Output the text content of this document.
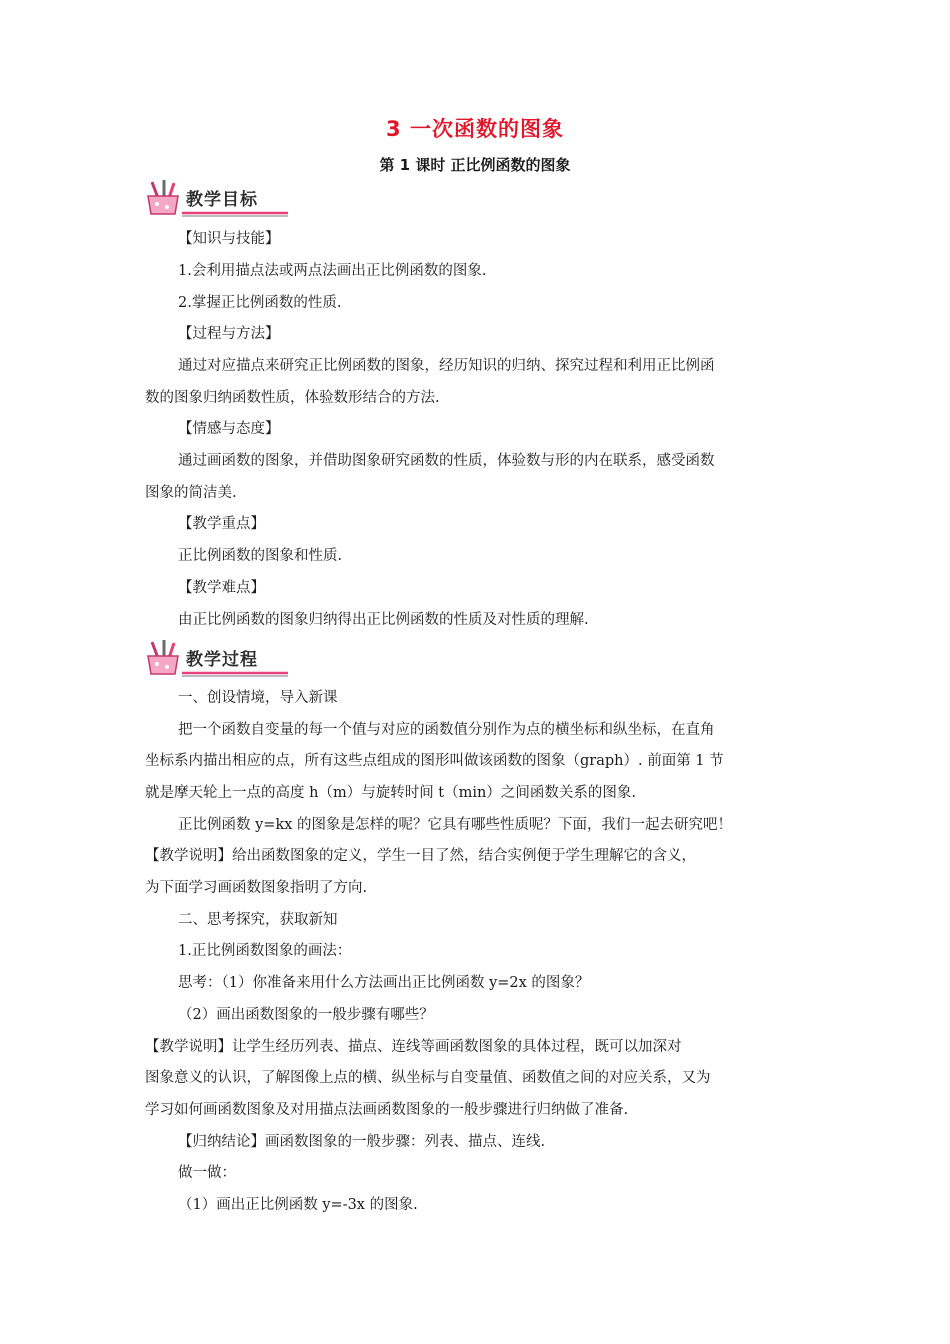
3 一次函数的图象
第 1 课时 正比例函数的图象
教学目标
【知识与技能】
1.会利用描点法或两点法画出正比例函数的图象.
2.掌握正比例函数的性质.
【过程与方法】
通过对应描点来研究正比例函数的图象，经历知识的归纳、探究过程和利用正比例函
数的图象归纳函数性质，体验数形结合的方法.
【情感与态度】
通过画函数的图象，并借助图象研究函数的性质，体验数与形的内在联系，感受函数
图象的简洁美.
【教学重点】
正比例函数的图象和性质.
【教学难点】
由正比例函数的图象归纳得出正比例函数的性质及对性质的理解.
教学过程
一、创设情境，导入新课
把一个函数自变量的每一个值与对应的函数值分别作为点的横坐标和纵坐标，在直角
坐标系内描出相应的点，所有这些点组成的图形叫做该函数的图象（graph）. 前面第 1 节
就是摩天轮上一点的高度 h（m）与旋转时间 t（min）之间函数关系的图象.
正比例函数 y=kx 的图象是怎样的呢？它具有哪些性质呢？下面，我们一起去研究吧！
【教学说明】给出函数图象的定义，学生一目了然，结合实例便于学生理解它的含义，
为下面学习画函数图象指明了方向.
二、思考探究，获取新知
1.正比例函数图象的画法：
思考：（1）你准备来用什么方法画出正比例函数 y=2x 的图象？
（2）画出函数图象的一般步骤有哪些？
【教学说明】让学生经历列表、描点、连线等画函数图象的具体过程，既可以加深对
图象意义的认识，了解图像上点的横、纵坐标与自变量值、函数值之间的对应关系，又为
学习如何画函数图象及对用描点法画函数图象的一般步骤进行归纳做了准备.
【归纳结论】画函数图象的一般步骤：列表、描点、连线.
做一做：
（1）画出正比例函数 y=-3x 的图象.
